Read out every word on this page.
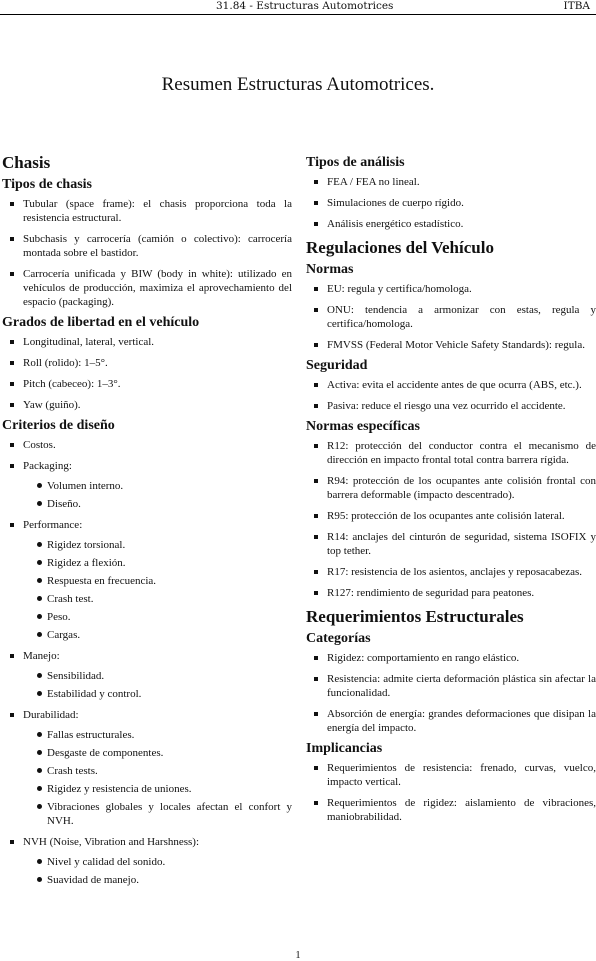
31.84 - Estructuras Automotrices	ITBA
Resumen Estructuras Automotrices.
Chasis
Tipos de chasis
Tubular (space frame): el chasis proporciona toda la resistencia estructural.
Subchasis y carrocería (camión o colectivo): carrocería montada sobre el bastidor.
Carrocería unificada y BIW (body in white): utilizado en vehículos de producción, maximiza el aprovechamiento del espacio (packaging).
Grados de libertad en el vehículo
Longitudinal, lateral, vertical.
Roll (rolido): 1–5°.
Pitch (cabeceo): 1–3°.
Yaw (guiño).
Criterios de diseño
Costos.
Packaging:
Volumen interno.
Diseño.
Performance:
Rigidez torsional.
Rigidez a flexión.
Respuesta en frecuencia.
Crash test.
Peso.
Cargas.
Manejo:
Sensibilidad.
Estabilidad y control.
Durabilidad:
Fallas estructurales.
Desgaste de componentes.
Crash tests.
Rigidez y resistencia de uniones.
Vibraciones globales y locales afectan el confort y NVH.
NVH (Noise, Vibration and Harshness):
Nivel y calidad del sonido.
Suavidad de manejo.
Tipos de análisis
FEA / FEA no lineal.
Simulaciones de cuerpo rígido.
Análisis energético estadístico.
Regulaciones del Vehículo
Normas
EU: regula y certifica/homologa.
ONU: tendencia a armonizar con estas, regula y certifica/homologa.
FMVSS (Federal Motor Vehicle Safety Standards): regula.
Seguridad
Activa: evita el accidente antes de que ocurra (ABS, etc.).
Pasiva: reduce el riesgo una vez ocurrido el accidente.
Normas específicas
R12: protección del conductor contra el mecanismo de dirección en impacto frontal total contra barrera rígida.
R94: protección de los ocupantes ante colisión frontal con barrera deformable (impacto descentrado).
R95: protección de los ocupantes ante colisión lateral.
R14: anclajes del cinturón de seguridad, sistema ISOFIX y top tether.
R17: resistencia de los asientos, anclajes y reposacabezas.
R127: rendimiento de seguridad para peatones.
Requerimientos Estructurales
Categorías
Rigidez: comportamiento en rango elástico.
Resistencia: admite cierta deformación plástica sin afectar la funcionalidad.
Absorción de energía: grandes deformaciones que disipan la energía del impacto.
Implicancias
Requerimientos de resistencia: frenado, curvas, vuelco, impacto vertical.
Requerimientos de rigidez: aislamiento de vibraciones, maniobrabilidad.
1
